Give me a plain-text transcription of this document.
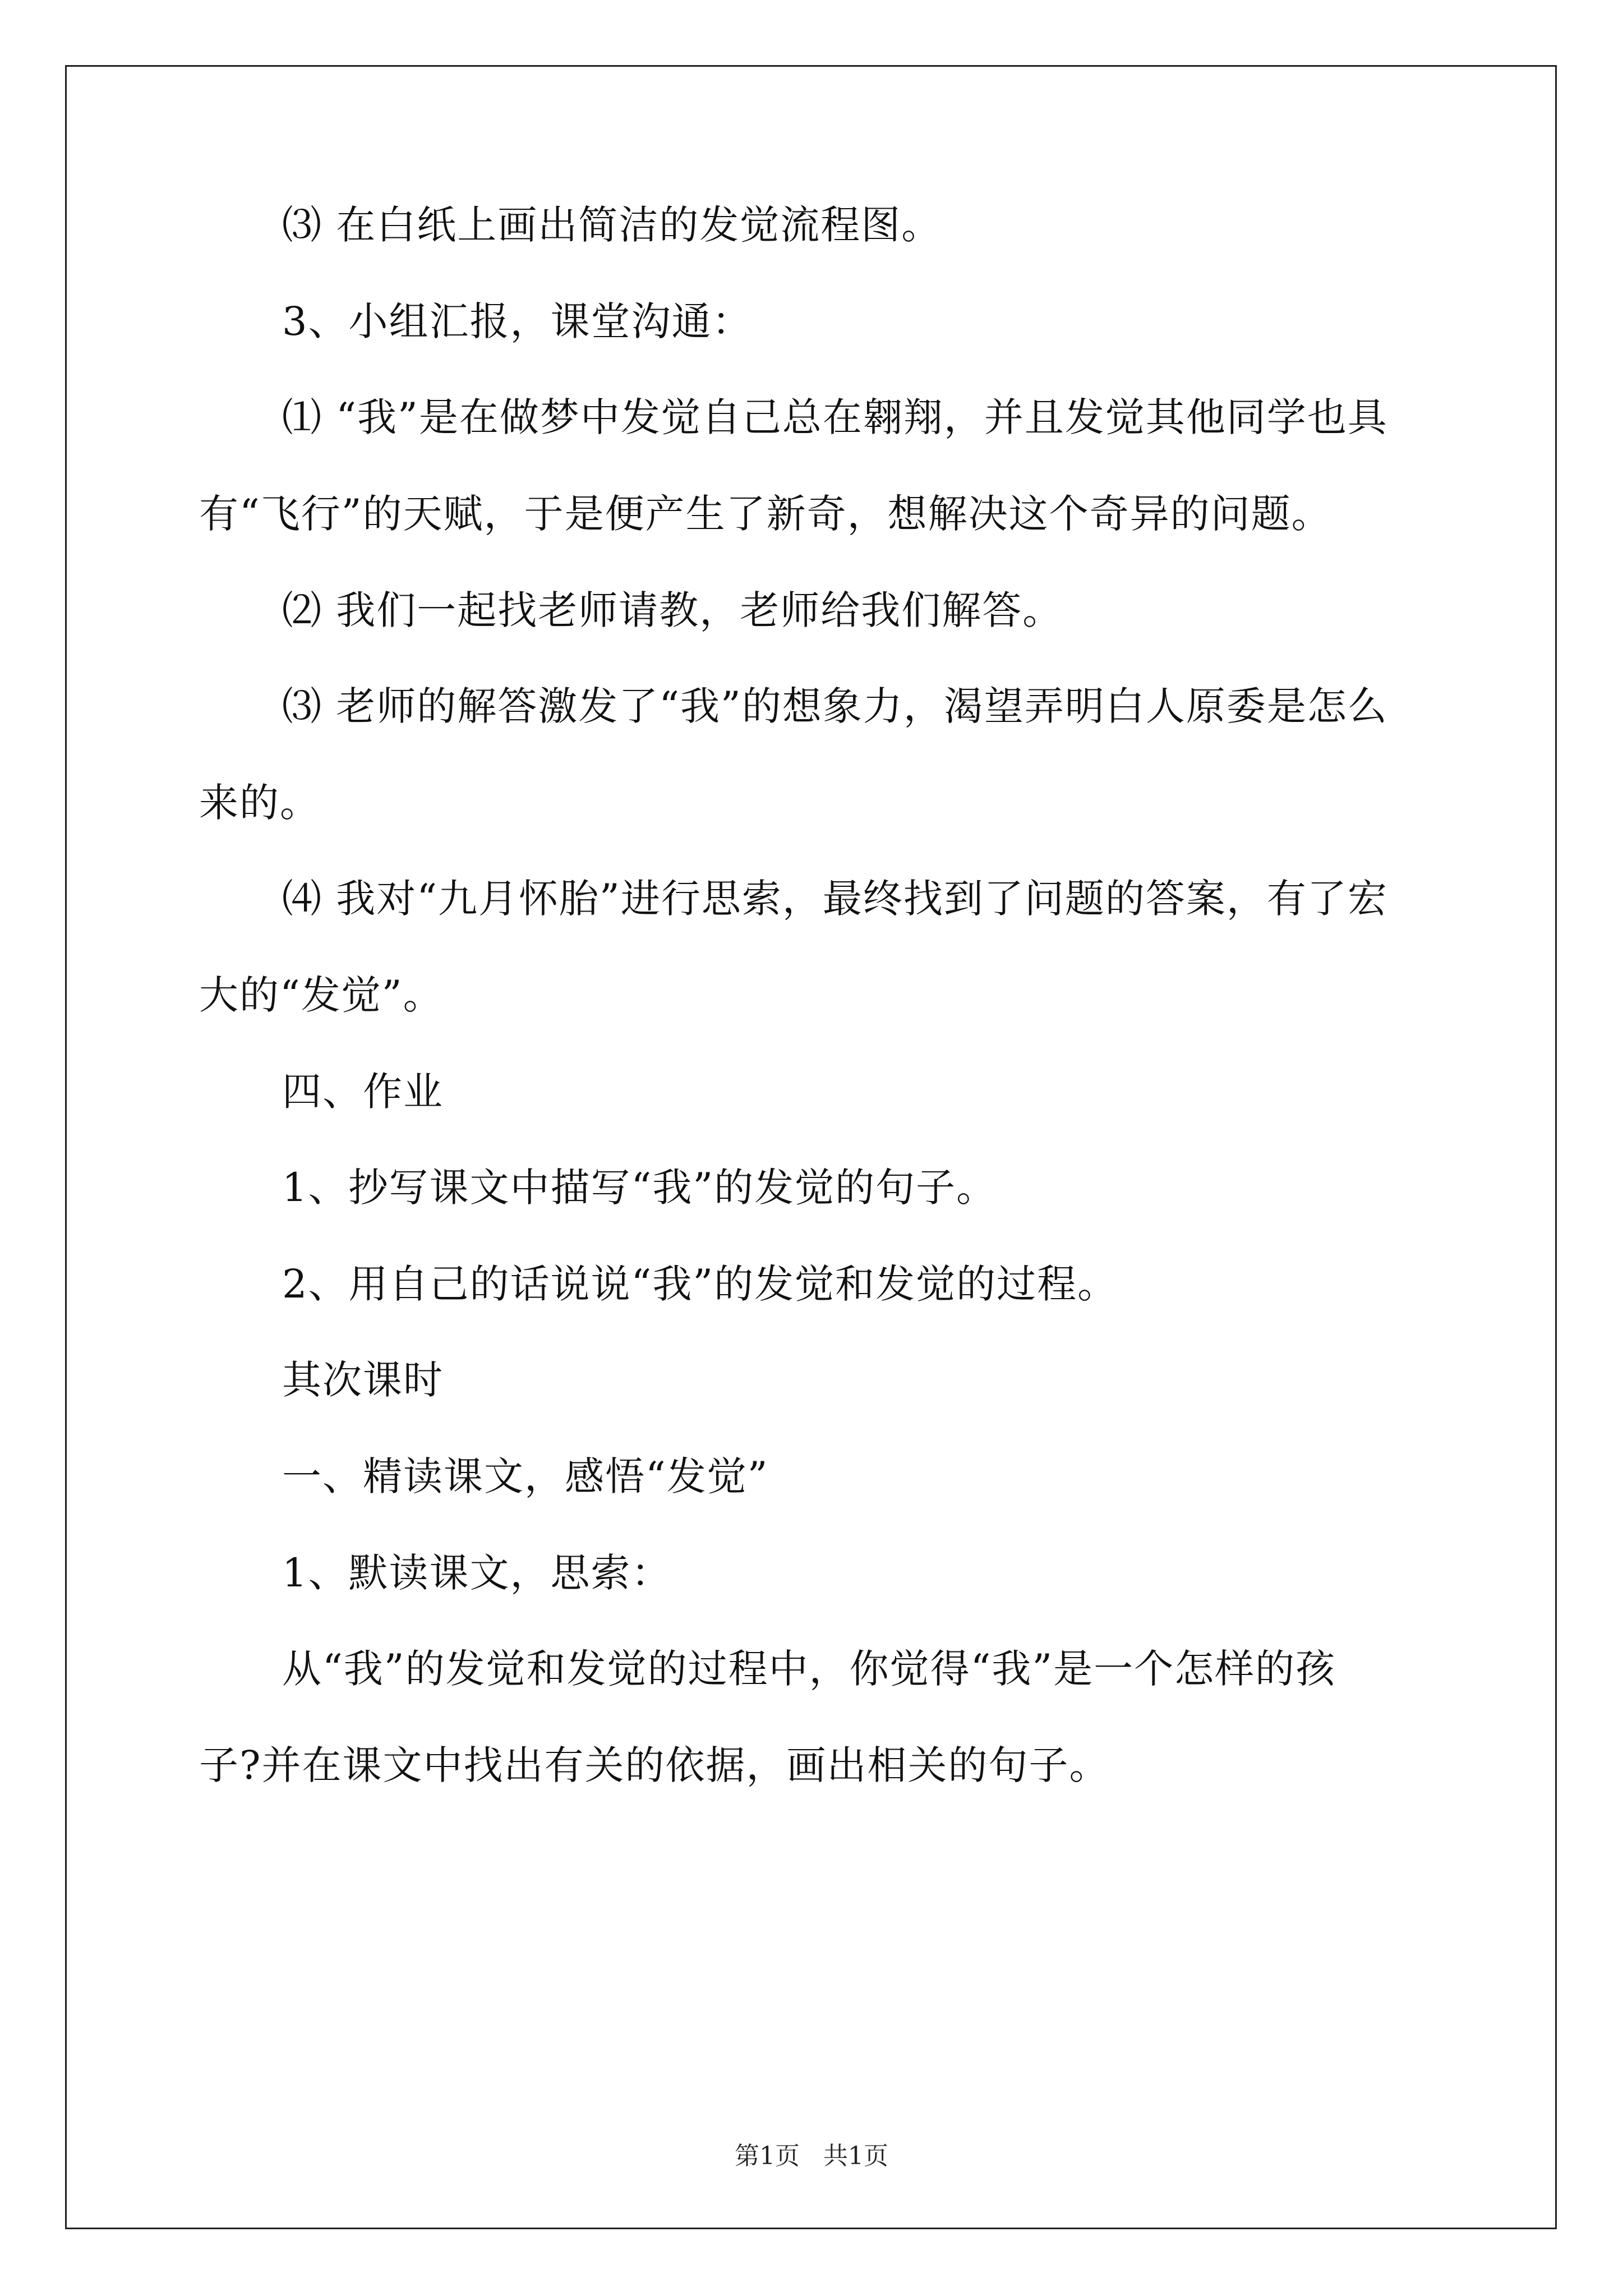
⑶ 在白纸上画出简洁的发觉流程图。
3、小组汇报，课堂沟通：
⑴ “我”是在做梦中发觉自己总在翱翔，并且发觉其他同学也具
有“飞行”的天赋，于是便产生了新奇，想解决这个奇异的问题。
⑵ 我们一起找老师请教，老师给我们解答。
⑶ 老师的解答激发了“我”的想象力，渴望弄明白人原委是怎么
来的。
⑷ 我对“九月怀胎”进行思索，最终找到了问题的答案，有了宏
大的“发觉”。
四、作业
1、抄写课文中描写“我”的发觉的句子。
2、用自己的话说说“我”的发觉和发觉的过程。
其次课时
一、精读课文，感悟“发觉”
1、默读课文，思索：
从“我”的发觉和发觉的过程中，你觉得“我”是一个怎样的孩
子?并在课文中找出有关的依据，画出相关的句子。
第1页 共1页
